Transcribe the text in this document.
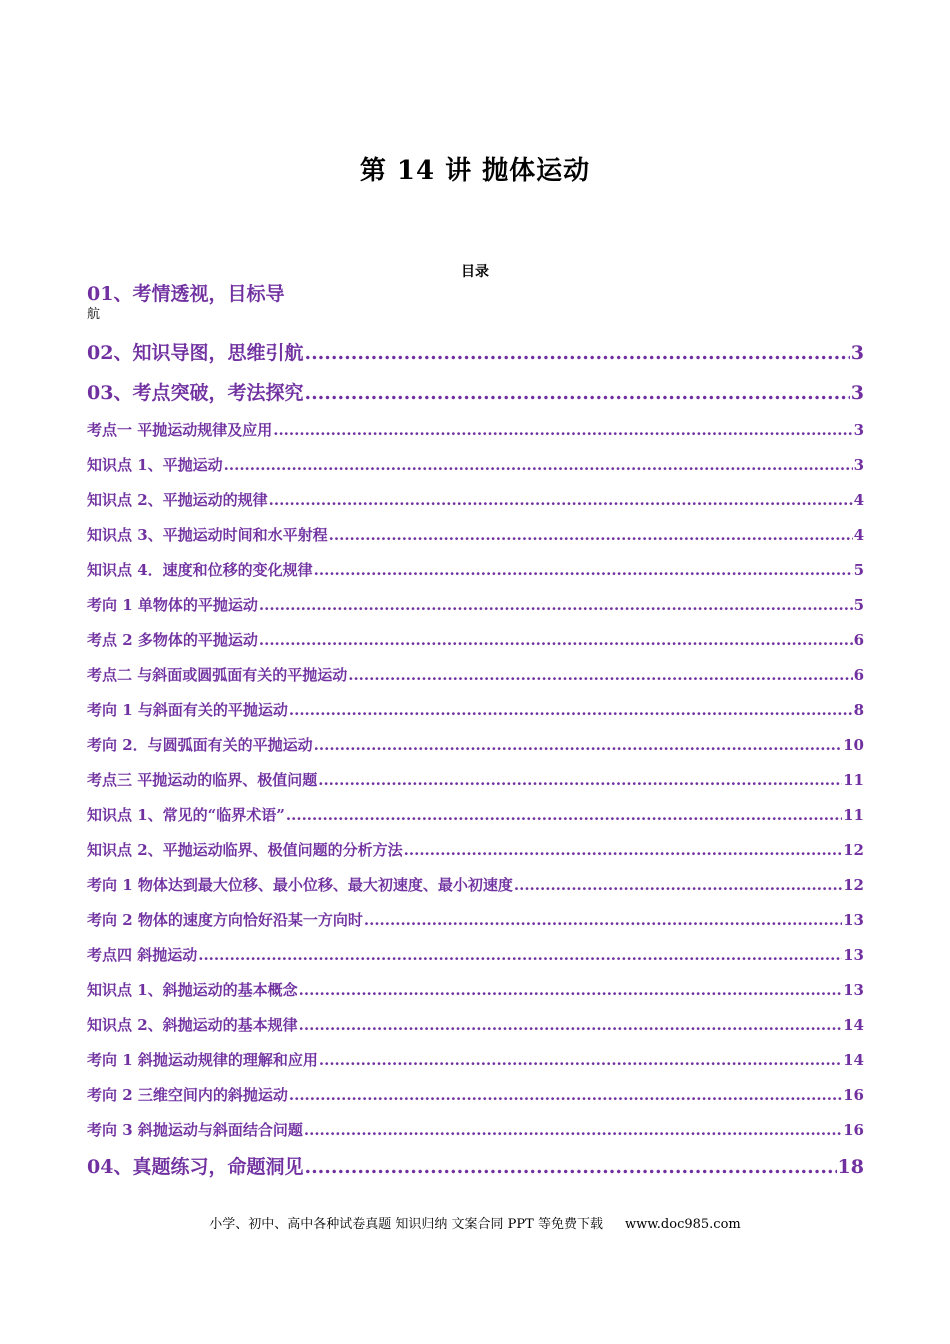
第 14 讲 抛体运动
目录
01、考情透视，目标导
航
02、知识导图，思维引航 .....	3
03、考点突破，考法探究 .....	3
考点一 平抛运动规律及应用 .....	3
知识点 1、平抛运动 .....	3
知识点 2、平抛运动的规律 .....	4
知识点 3、平抛运动时间和水平射程 .....	4
知识点 4．速度和位移的变化规律 .....	5
考向 1 单物体的平抛运动 .....	5
考点 2 多物体的平抛运动 .....	6
考点二 与斜面或圆弧面有关的平抛运动 .....	6
考向 1 与斜面有关的平抛运动 .....	8
考向 2．与圆弧面有关的平抛运动 .....	10
考点三 平抛运动的临界、极值问题 .....	11
知识点 1、常见的“临界术语” .....	11
知识点 2、平抛运动临界、极值问题的分析方法 .....	12
考向 1 物体达到最大位移、最小位移、最大初速度、最小初速度 .....	12
考向 2 物体的速度方向恰好沿某一方向时 .....	13
考点四 斜抛运动 .....	13
知识点 1、斜抛运动的基本概念 .....	13
知识点 2、斜抛运动的基本规律 .....	14
考向 1 斜抛运动规律的理解和应用 .....	14
考向 2 三维空间内的斜抛运动 .....	16
考向 3 斜抛运动与斜面结合问题 .....	16
04、真题练习，命题洞见 .....	18
小学、初中、高中各种试卷真题 知识归纳 文案合同 PPT 等免费下载 www.doc985.com
